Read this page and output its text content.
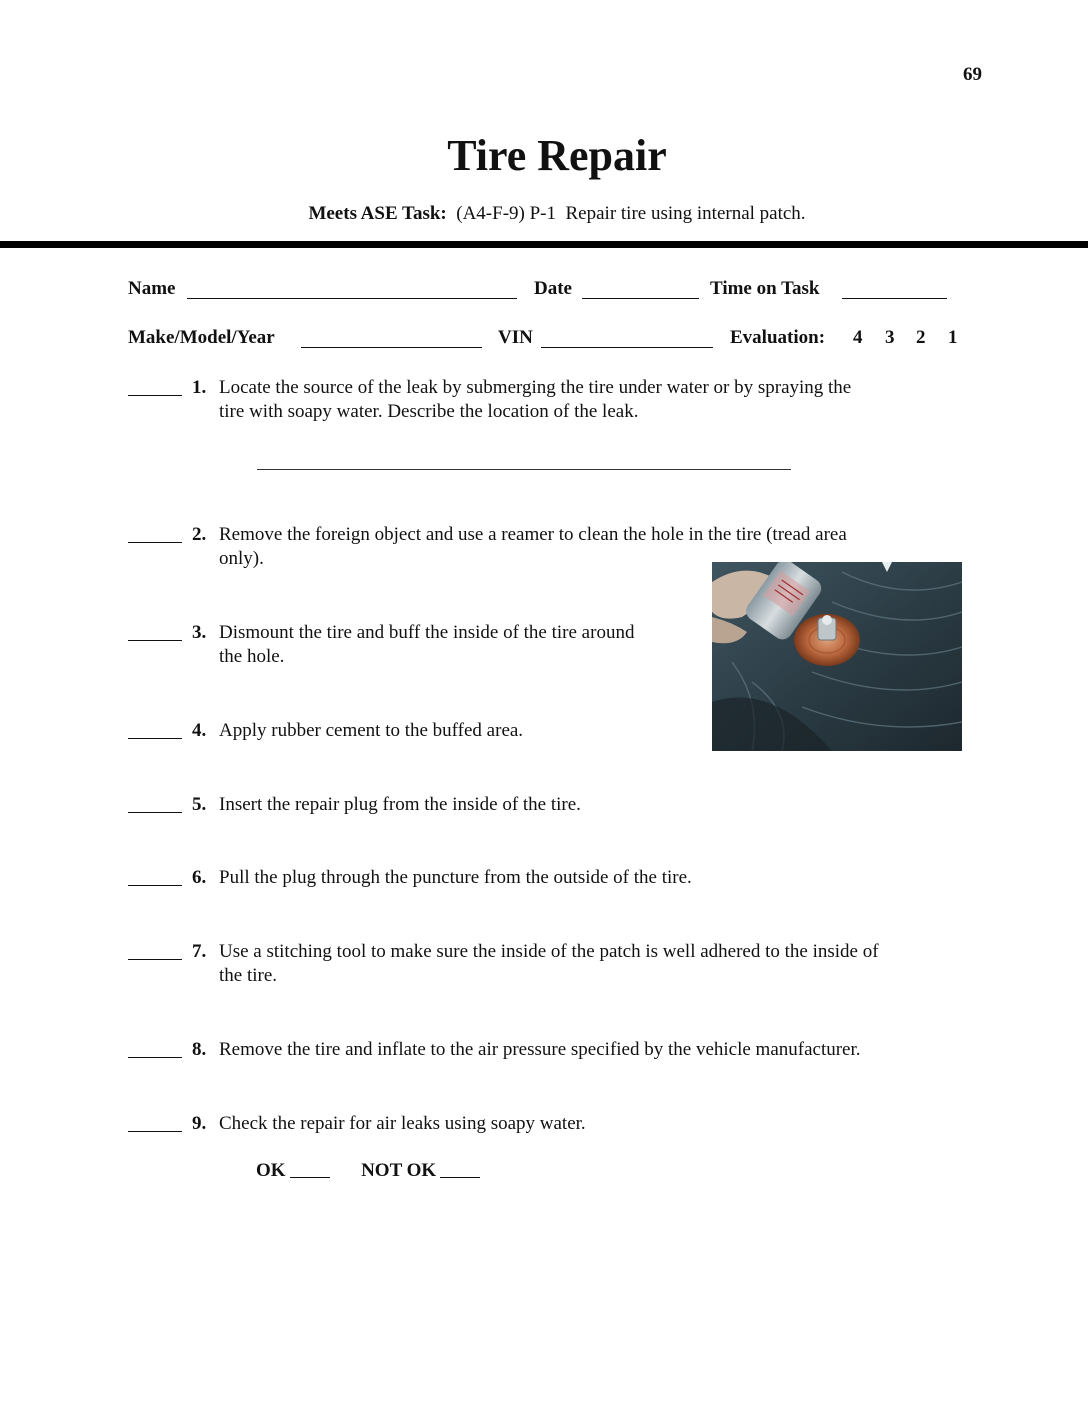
69
Tire Repair
Meets ASE Task: (A4-F-9) P-1 Repair tire using internal patch.
Name	Date	Time on Task
Make/Model/Year	VIN	Evaluation: 4 3 2 1
1. Locate the source of the leak by submerging the tire under water or by spraying the
tire with soapy water. Describe the location of the leak.
2. Remove the foreign object and use a reamer to clean the hole in the tire (tread area
only).
3. Dismount the tire and buff the inside of the tire around
the hole.
4. Apply rubber cement to the buffed area.
5. Insert the repair plug from the inside of the tire.
6. Pull the plug through the puncture from the outside of the tire.
7. Use a stitching tool to make sure the inside of the patch is well adhered to the inside of
the tire.
8. Remove the tire and inflate to the air pressure specified by the vehicle manufacturer.
9. Check the repair for air leaks using soapy water.
OK	NOT OK
